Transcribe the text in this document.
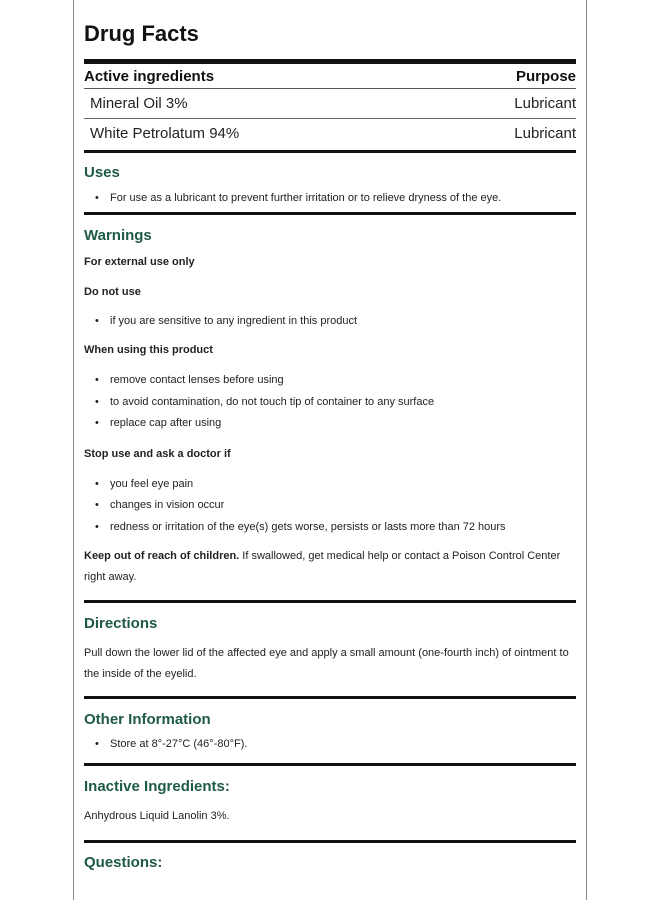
Drug Facts
Active ingredients	Purpose
Mineral Oil 3%	Lubricant
White Petrolatum 94%	Lubricant
Uses
• For use as a lubricant to prevent further irritation or to relieve dryness of the eye.
Warnings
For external use only
Do not use
• if you are sensitive to any ingredient in this product
When using this product
• remove contact lenses before using
• to avoid contamination, do not touch tip of container to any surface
• replace cap after using
Stop use and ask a doctor if
• you feel eye pain
• changes in vision occur
• redness or irritation of the eye(s) gets worse, persists or lasts more than 72 hours
Keep out of reach of children. If swallowed, get medical help or contact a Poison Control Center right away.
Directions
Pull down the lower lid of the affected eye and apply a small amount (one-fourth inch) of ointment to the inside of the eyelid.
Other Information
• Store at 8°-27°C (46°-80°F).
Inactive Ingredients:
Anhydrous Liquid Lanolin 3%.
Questions:
